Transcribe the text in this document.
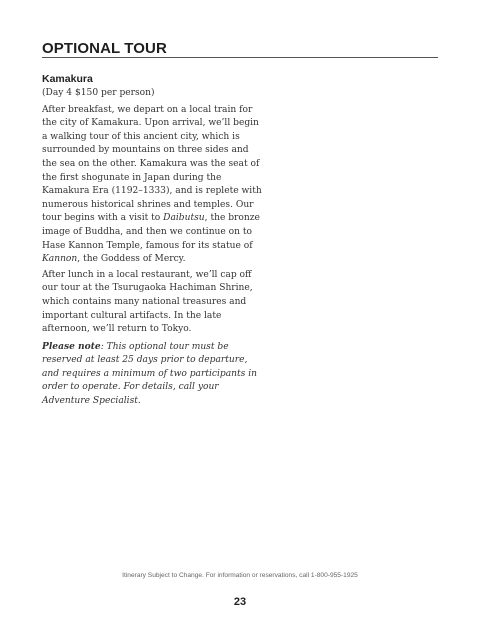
OPTIONAL TOUR
Kamakura
(Day 4 $150 per person)

After breakfast, we depart on a local train for the city of Kamakura. Upon arrival, we’ll begin a walking tour of this ancient city, which is surrounded by mountains on three sides and the sea on the other. Kamakura was the seat of the first shogunate in Japan during the Kamakura Era (1192–1333), and is replete with numerous historical shrines and temples. Our tour begins with a visit to Daibutsu, the bronze image of Buddha, and then we continue on to Hase Kannon Temple, famous for its statue of Kannon, the Goddess of Mercy.

After lunch in a local restaurant, we’ll cap off our tour at the Tsurugaoka Hachiman Shrine, which contains many national treasures and important cultural artifacts. In the late afternoon, we’ll return to Tokyo.

Please note: This optional tour must be reserved at least 25 days prior to departure, and requires a minimum of two participants in order to operate. For details, call your Adventure Specialist.

Itinerary Subject to Change. For information or reservations, call 1-800-955-1925
23
